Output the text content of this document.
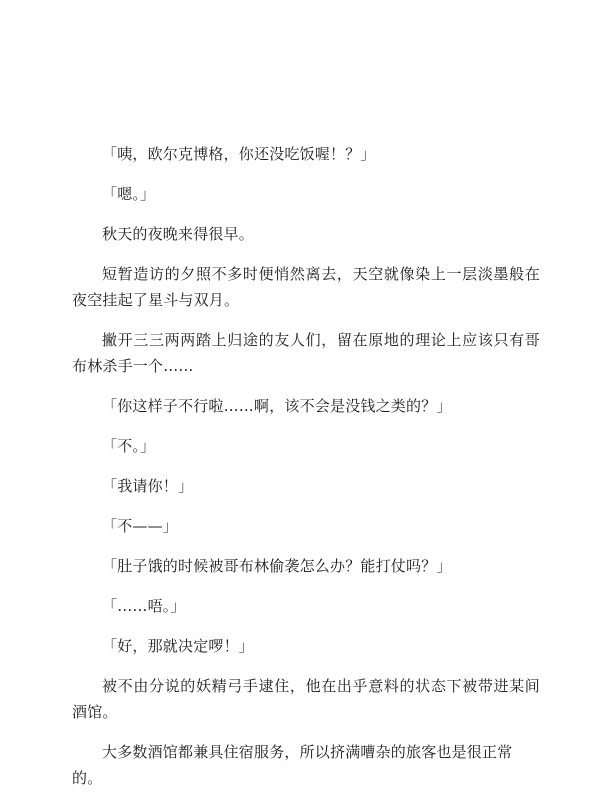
「咦，欧尔克博格，你还没吃饭喔！？」

「嗯。」

秋天的夜晚来得很早。

短暂造访的夕照不多时便悄然离去，天空就像染上一层淡墨般在夜空挂起了星斗与双月。

撇开三三两两踏上归途的友人们，留在原地的理论上应该只有哥布林杀手一个……

「你这样子不行啦……啊，该不会是没钱之类的？」

「不。」

「我请你！」

「不——」

「肚子饿的时候被哥布林偷袭怎么办？能打仗吗？」

「……唔。」

「好，那就决定啰！」

被不由分说的妖精弓手逮住，他在出乎意料的状态下被带进某间酒馆。

大多数酒馆都兼具住宿服务，所以挤满嘈杂的旅客也是很正常的。
